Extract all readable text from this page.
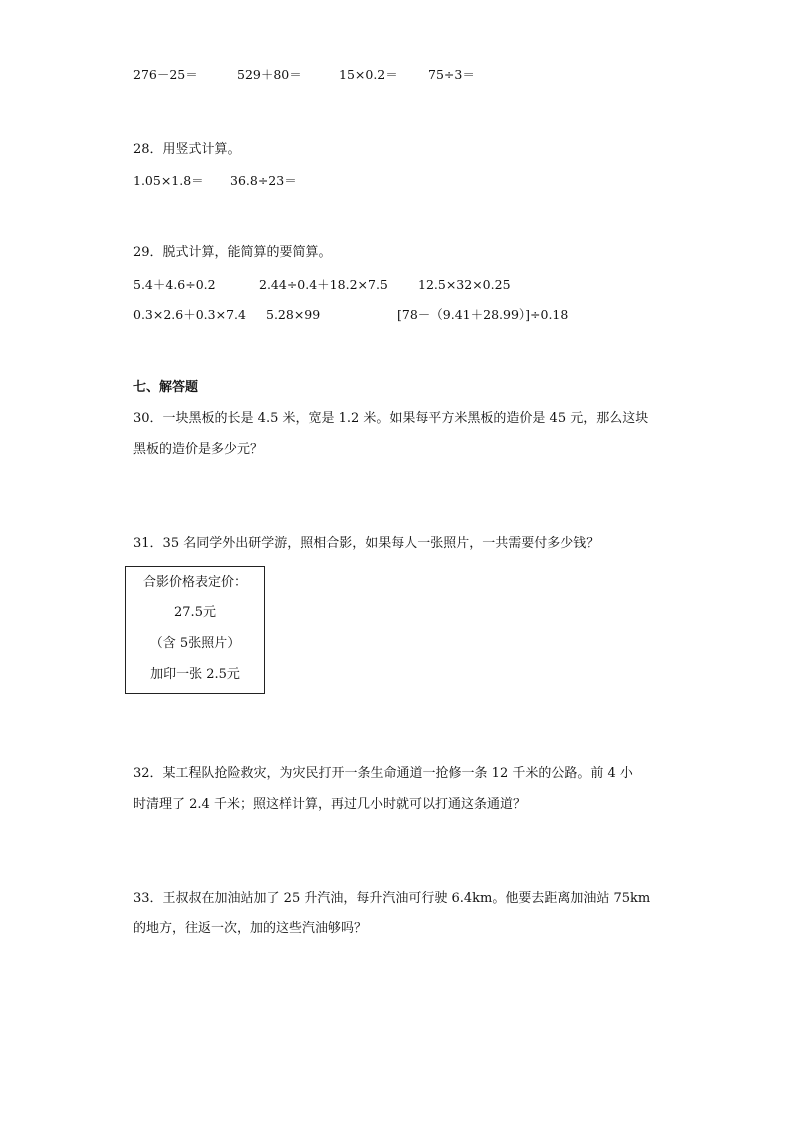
276－25＝	529＋80＝	15×0.2＝ 75÷3＝
28．用竖式计算。
1.05×1.8＝ 36.8÷23＝
29．脱式计算，能简算的要简算。
5.4＋4.6÷0.2	2.44÷0.4＋18.2×7.5 12.5×32×0.25
0.3×2.6＋0.3×7.4 5.28×99	[78－（9.41＋28.99）]÷0.18
七、解答题
30．一块黑板的长是 4.5 米，宽是 1.2 米。如果每平方米黑板的造价是 45 元，那么这块
黑板的造价是多少元？
31．35 名同学外出研学游，照相合影，如果每人一张照片，一共需要付多少钱？
合影价格表定价：
27.5元
（含 5张照片）
加印一张 2.5元
32．某工程队抢险救灾，为灾民打开一条生命通道一抢修一条 12 千米的公路。前 4 小
时清理了 2.4 千米；照这样计算，再过几小时就可以打通这条通道？
33．王叔叔在加油站加了 25 升汽油，每升汽油可行驶 6.4km。他要去距离加油站 75km
的地方，往返一次，加的这些汽油够吗？
